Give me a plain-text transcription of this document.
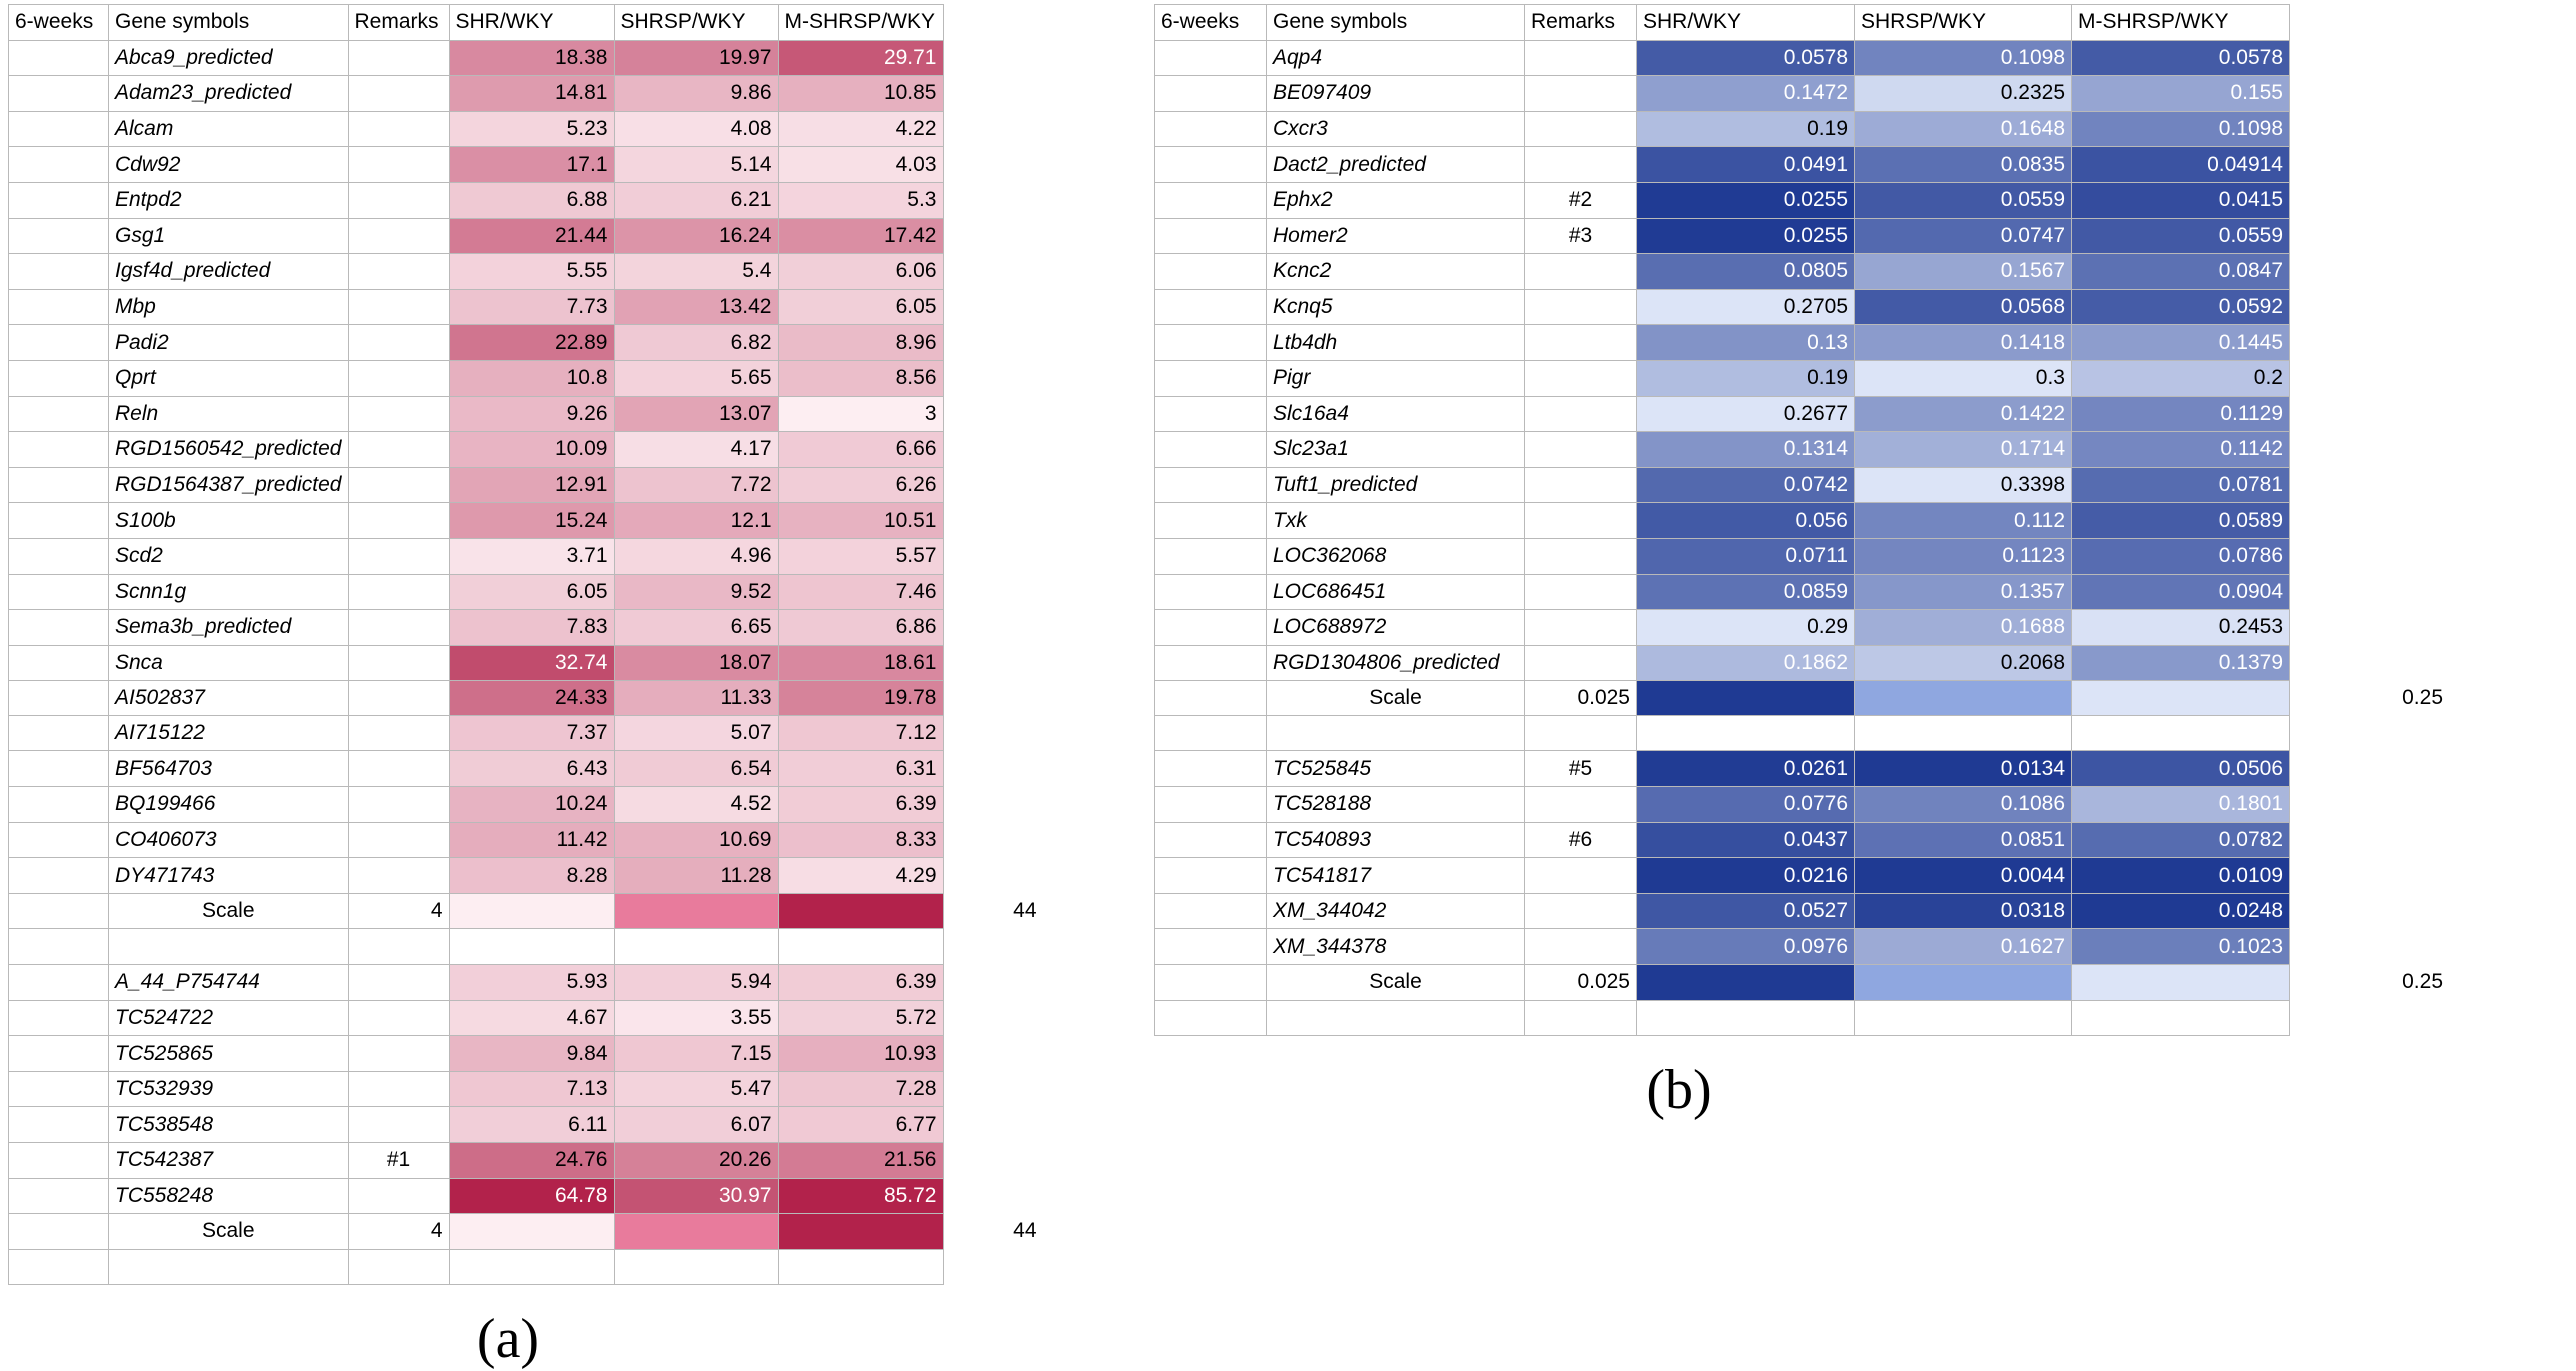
6-weeks	Gene symbols	Remarks	SHR/WKY	SHRSP/WKY	M-SHRSP/WKY	
	Abca9_predicted		18.38	19.97	29.71	
	Adam23_predicted		14.81	9.86	10.85	
	Alcam		5.23	4.08	4.22	
	Cdw92		17.1	5.14	4.03	
	Entpd2		6.88	6.21	5.3	
	Gsg1		21.44	16.24	17.42	
	Igsf4d_predicted		5.55	5.4	6.06	
	Mbp		7.73	13.42	6.05	
	Padi2		22.89	6.82	8.96	
	Qprt		10.8	5.65	8.56	
	Reln		9.26	13.07	3	
	RGD1560542_predicted		10.09	4.17	6.66	
	RGD1564387_predicted		12.91	7.72	6.26	
	S100b		15.24	12.1	10.51	
	Scd2		3.71	4.96	5.57	
	Scnn1g		6.05	9.52	7.46	
	Sema3b_predicted		7.83	6.65	6.86	
	Snca		32.74	18.07	18.61	
	AI502837		24.33	11.33	19.78	
	AI715122		7.37	5.07	7.12	
	BF564703		6.43	6.54	6.31	
	BQ199466		10.24	4.52	6.39	
	CO406073		11.42	10.69	8.33	
	DY471743		8.28	11.28	4.29	
	Scale	4				44

	A_44_P754744		5.93	5.94	6.39	
	TC524722		4.67	3.55	5.72	
	TC525865		9.84	7.15	10.93	
	TC532939		7.13	5.47	7.28	
	TC538548		6.11	6.07	6.77	
	TC542387	#1	24.76	20.26	21.56	
	TC558248		64.78	30.97	85.72	
	Scale	4				44

(a)
6-weeks	Gene symbols	Remarks	SHR/WKY	SHRSP/WKY	M-SHRSP/WKY	
	Aqp4		0.0578	0.1098	0.0578	
	BE097409		0.1472	0.2325	0.155	
	Cxcr3		0.19	0.1648	0.1098	
	Dact2_predicted		0.0491	0.0835	0.04914	
	Ephx2	#2	0.0255	0.0559	0.0415	
	Homer2	#3	0.0255	0.0747	0.0559	
	Kcnc2		0.0805	0.1567	0.0847	
	Kcnq5		0.2705	0.0568	0.0592	
	Ltb4dh		0.13	0.1418	0.1445	
	Pigr		0.19	0.3	0.2	
	Slc16a4		0.2677	0.1422	0.1129	
	Slc23a1		0.1314	0.1714	0.1142	
	Tuft1_predicted		0.0742	0.3398	0.0781	
	Txk		0.056	0.112	0.0589	
	LOC362068		0.0711	0.1123	0.0786	
	LOC686451		0.0859	0.1357	0.0904	
	LOC688972		0.29	0.1688	0.2453	
	RGD1304806_predicted		0.1862	0.2068	0.1379	
	Scale	0.025				0.25

	TC525845	#5	0.0261	0.0134	0.0506	
	TC528188		0.0776	0.1086	0.1801	
	TC540893	#6	0.0437	0.0851	0.0782	
	TC541817		0.0216	0.0044	0.0109	
	XM_344042		0.0527	0.0318	0.0248	
	XM_344378		0.0976	0.1627	0.1023	
	Scale	0.025				0.25

(b)
